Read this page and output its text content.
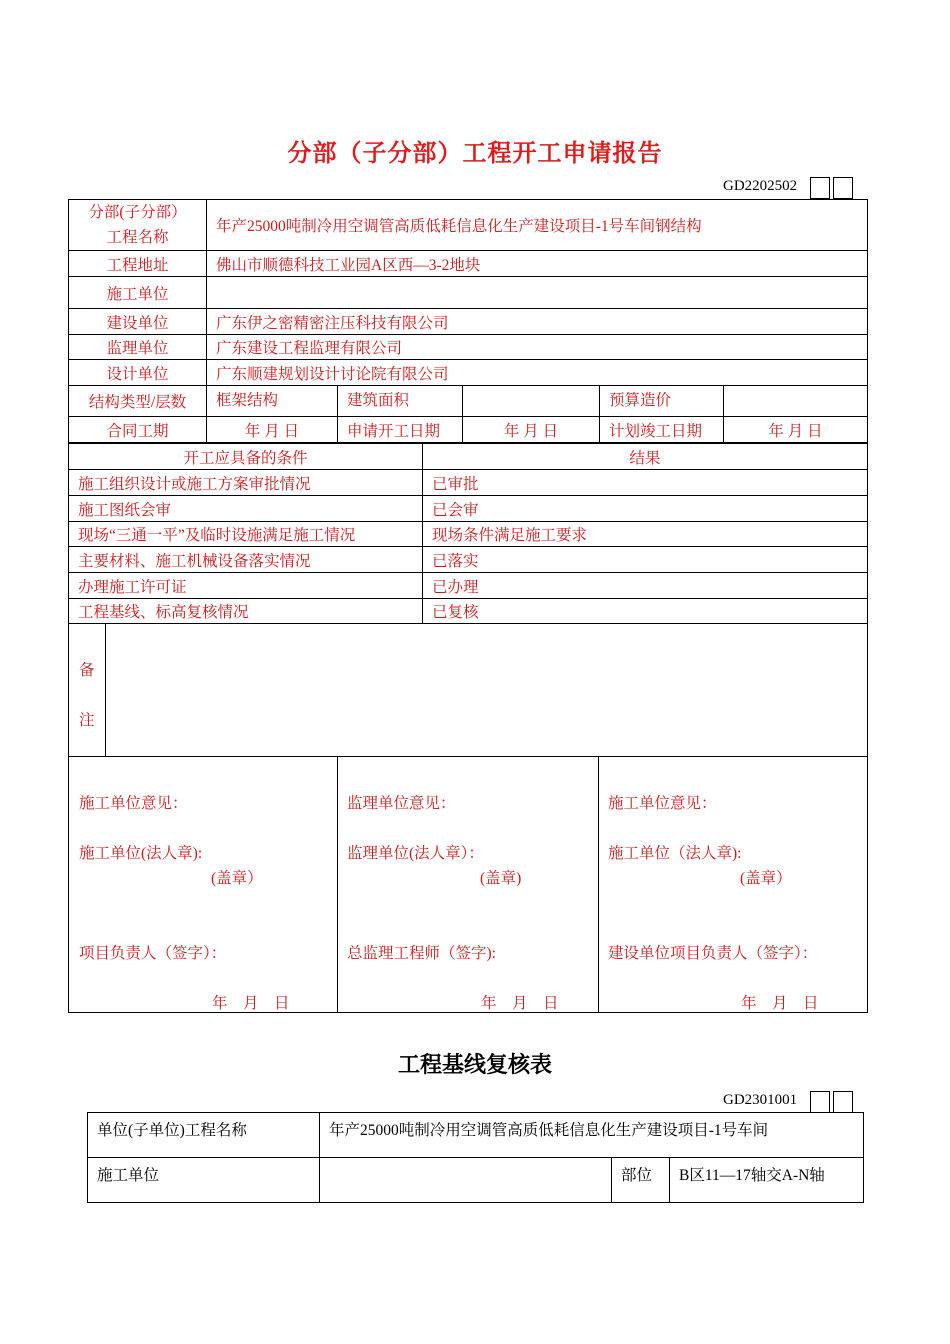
分部（子分部）工程开工申请报告
GD2202502
分部(子分部）
工程名称	年产25000吨制冷用空调管高质低耗信息化生产建设项目-1号车间钢结构				
工程地址	佛山市顺德科技工业园A区西—3-2地块				
施工单位					
建设单位	广东伊之密精密注压科技有限公司				
监理单位	广东建设工程监理有限公司				
设计单位	广东顺建规划设计讨论院有限公司				
结构类型/层数	框架结构	建筑面积		预算造价	
合同工期	年 月 日	申请开工日期	年 月 日	计划竣工日期	年 月 日
开工应具备的条件	结果
施工组织设计或施工方案审批情况	已审批
施工图纸会审	已会审
现场“三通一平”及临时设施满足施工情况	现场条件满足施工要求
主要材料、施工机械设备落实情况	已落实
办理施工许可证	已办理
工程基线、标高复核情况	已复核
备
注

施工单位意见：
施工单位(法人章):
(盖章）
项目负责人（签字）：
年　月　日
监理单位意见：
监理单位(法人章）：
(盖章)
总监理工程师（签字):
年　月　日
施工单位意见：
施工单位（法人章):
(盖章）
建设单位项目负责人（签字）：
年　月　日
工程基线复核表
GD2301001
单位(子单位)工程名称	年产25000吨制冷用空调管高质低耗信息化生产建设项目-1号车间		
施工单位		部位	B区11—17轴交A-N轴
